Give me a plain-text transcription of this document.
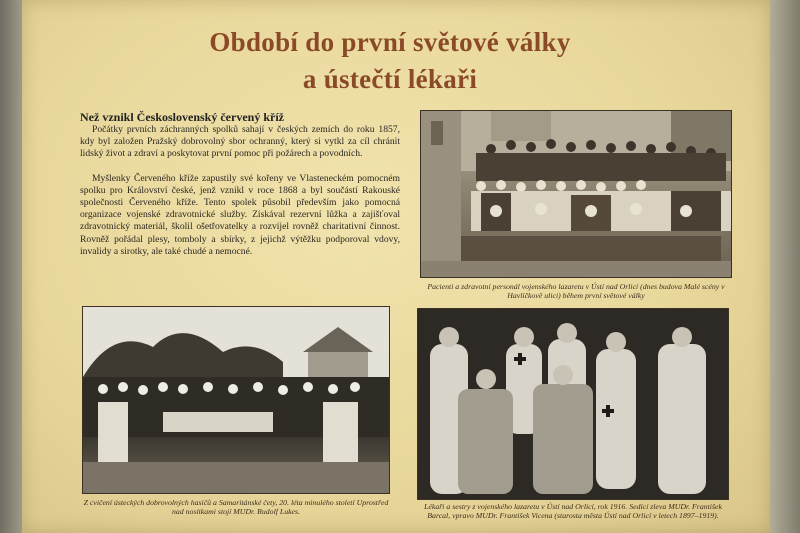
Období do první světové války
a ústečtí lékaři
Než vznikl Československý červený kříž

Počátky prvních záchranných spolků sahají v českých zemích do roku 1857, kdy byl založen Pražský dobrovolný sbor ochranný, který si vytkl za cíl chránit lidský život a zdraví a poskytovat první pomoc při požárech a povodních.

Myšlenky Červeného kříže zapustily své kořeny ve Vlasteneckém pomocném spolku pro Království české, jenž vznikl v roce 1868 a byl součástí Rakouské společnosti Červeného kříže. Tento spolek působil především jako pomocná organizace vojenské zdravotnické služby. Získával rezervní lůžka a zajišťoval zdravotnický materiál, školil ošetřovatelky a rozvíjel rovněž charitativní činnost. Rovněž pořádal plesy, tomboly a sbírky, z jejichž výtěžku podporoval vdovy, invalidy a sirotky, ale také chudé a nemocné.

Pacienti a zdravotní personál vojenského lazaretu v Ústí nad Orlicí (dnes budova Malé scény v Havlíčkově ulici) během první světové války
Z cvičení ústeckých dobrovolných hasičů a Samaritánské čety, 20. léta minulého století Uprostřed nad nosítkami stojí MUDr. Rudolf Lukes.
Lékaři a sestry z vojenského lazaretu v Ústí nad Orlicí, rok 1916. Sedící zleva MUDr. František Barcal, vpravo MUDr. František Vicena (starosta města Ústí nad Orlicí v letech 1897–1919).
